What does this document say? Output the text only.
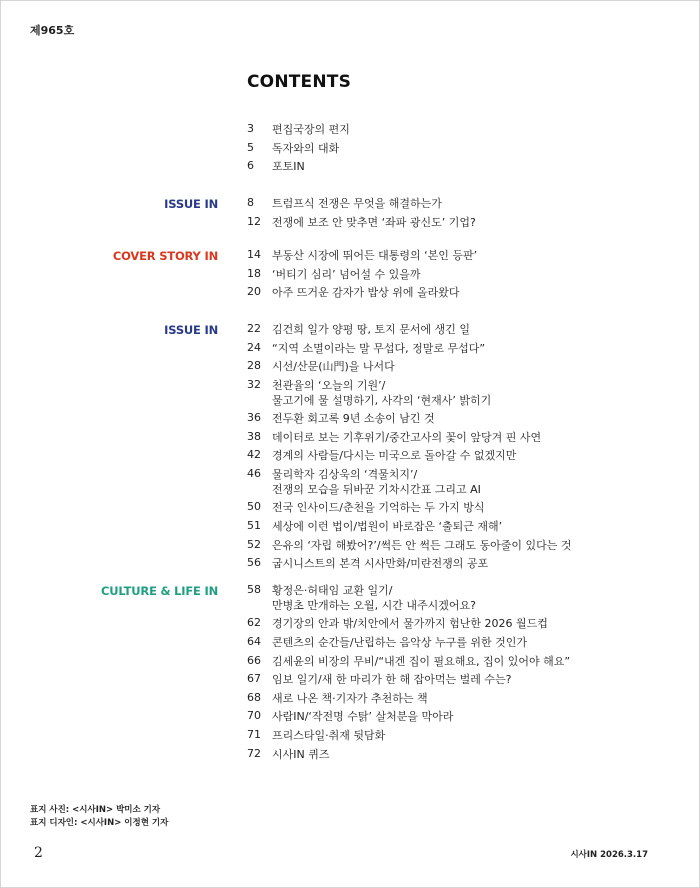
제965호
CONTENTS
3	편집국장의 편지
5	독자와의 대화
6	포토IN
ISSUE IN	8	트럼프식 전쟁은 무엇을 해결하는가
12	전쟁에 보조 안 맞추면 ‘좌파 광신도’ 기업?
COVER STORY IN	14	부동산 시장에 뛰어든 대통령의 ‘본인 등판’
18	‘버티기 심리’ 넘어설 수 있을까
20	아주 뜨거운 감자가 밥상 위에 올라왔다
ISSUE IN	22	김건희 일가 양평 땅, 토지 문서에 생긴 일
24	“지역 소멸이라는 말 무섭다, 정말로 무섭다”
28	시선/산문(山門)을 나서다
32	천관율의 ‘오늘의 기원’/
물고기에 물 설명하기, 사각의 ‘현재사’ 밝히기
36	전두환 회고록 9년 소송이 남긴 것
38	데이터로 보는 기후위기/중간고사의 꽃이 앞당겨 핀 사연
42	경계의 사람들/다시는 미국으로 돌아갈 수 없겠지만
46	물리학자 김상욱의 ‘격물치지’/
전쟁의 모습을 뒤바꾼 기차시간표 그리고 AI
50	전국 인사이드/춘천을 기억하는 두 가지 방식
51	세상에 이런 법이/법원이 바로잡은 ‘출퇴근 재해’
52	은유의 ‘자립 해봤어?’/썩든 안 썩든 그래도 동아줄이 있다는 것
56	굽시니스트의 본격 시사만화/미란전쟁의 공포
CULTURE & LIFE IN	58	황정은·허태임 교환 일기/
만병초 만개하는 오월, 시간 내주시겠어요?
62	경기장의 안과 밖/치안에서 물가까지 험난한 2026 월드컵
64	콘텐츠의 순간들/난립하는 음악상 누구를 위한 것인가
66	김세윤의 비장의 무비/“내겐 집이 필요해요, 집이 있어야 해요”
67	임보 일기/새 한 마리가 한 해 잡아먹는 벌레 수는?
68	새로 나온 책·기자가 추천하는 책
70	사람IN/‘작전명 수탉’ 살처분을 막아라
71	프리스타일·취재 뒷담화
72	시사IN 퀴즈
표지 사진: <시사IN> 박미소 기자
표지 디자인: <시사IN> 이정현 기자
2	시사IN 2026.3.17
